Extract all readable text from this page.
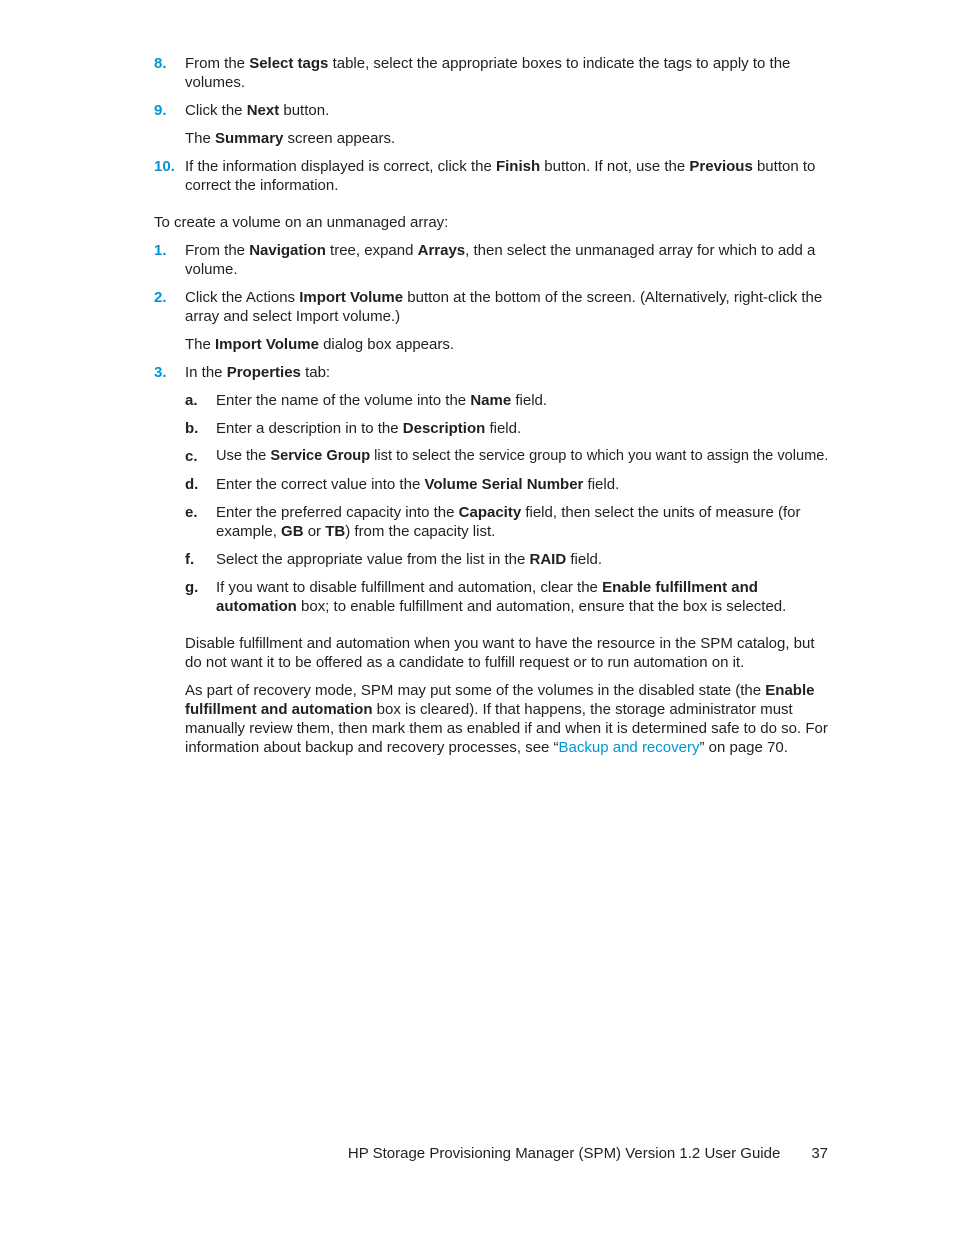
8. From the Select tags table, select the appropriate boxes to indicate the tags to apply to the volumes.
9. Click the Next button.
The Summary screen appears.
10. If the information displayed is correct, click the Finish button. If not, use the Previous button to correct the information.
To create a volume on an unmanaged array:
1. From the Navigation tree, expand Arrays, then select the unmanaged array for which to add a volume.
2. Click the Actions Import Volume button at the bottom of the screen. (Alternatively, right-click the array and select Import volume.)
The Import Volume dialog box appears.
3. In the Properties tab:
a. Enter the name of the volume into the Name field.
b. Enter a description in to the Description field.
c. Use the Service Group list to select the service group to which you want to assign the volume.
d. Enter the correct value into the Volume Serial Number field.
e. Enter the preferred capacity into the Capacity field, then select the units of measure (for example, GB or TB) from the capacity list.
f. Select the appropriate value from the list in the RAID field.
g. If you want to disable fulfillment and automation, clear the Enable fulfillment and automation box; to enable fulfillment and automation, ensure that the box is selected.
Disable fulfillment and automation when you want to have the resource in the SPM catalog, but do not want it to be offered as a candidate to fulfill request or to run automation on it.
As part of recovery mode, SPM may put some of the volumes in the disabled state (the Enable fulfillment and automation box is cleared). If that happens, the storage administrator must manually review them, then mark them as enabled if and when it is determined safe to do so. For information about backup and recovery processes, see “Backup and recovery” on page 70.
HP Storage Provisioning Manager (SPM) Version 1.2 User Guide 37
